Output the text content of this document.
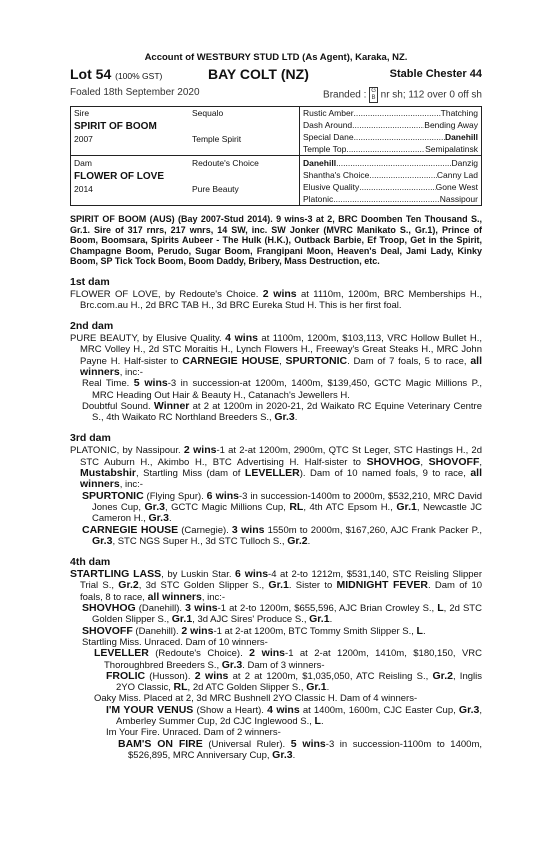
Account of WESTBURY STUD LTD (As Agent), Karaka, NZ.
Lot 54 (100% GST)	BAY COLT (NZ)	Stable Chester 44
Foaled 18th September 2020	Branded : G
B nr sh; 112 over 0 off sh
Sire	Sequalo
SPIRIT OF BOOM
2007	Temple Spirit
Dam	Redoute's Choice
FLOWER OF LOVE
2014	Pure Beauty
Rustic Amber .....	Thatching
Dash Around .....	Bending Away
Special Dane .....	Danehill
Temple Top .....	Semipalatinsk
Danehill .....	Danzig
Shantha's Choice .....	Canny Lad
Elusive Quality .....	Gone West
Platonic .....	Nassipour
SPIRIT OF BOOM (AUS) (Bay 2007-Stud 2014). 9 wins-3 at 2, BRC Doomben Ten Thousand S., Gr.1. Sire of 317 rnrs, 217 wnrs, 14 SW, inc. SW Jonker (MVRC Manikato S., Gr.1), Prince of Boom, Boomsara, Spirits Aubeer - The Hulk (H.K.), Outback Barbie, Ef Troop, Get in the Spirit, Champagne Boom, Perudo, Sugar Boom, Frangipani Moon, Heaven's Deal, Jami Lady, Kinky Boom, SP Tick Tock Boom, Boom Daddy, Bribery, Mass Destruction, etc.
1st dam

FLOWER OF LOVE, by Redoute's Choice. 2 wins at 1110m, 1200m, BRC Memberships H., Brc.com.au H., 2d BRC TAB H., 3d BRC Eureka Stud H. This is her first foal.

2nd dam

PURE BEAUTY, by Elusive Quality. 4 wins at 1100m, 1200m, $103,113, VRC Hollow Bullet H., MRC Volley H., 2d STC Moraitis H., Lynch Flowers H., Freeway's Great Steaks H., MRC John Payne H. Half-sister to CARNEGIE HOUSE, SPURTONIC. Dam of 7 foals, 5 to race, all winners, inc:-

Real Time. 5 wins-3 in succession-at 1200m, 1400m, $139,450, GCTC Magic Millions P., MRC Heading Out Hair & Beauty H., Catanach's Jewellers H.

Doubtful Sound. Winner at 2 at 1200m in 2020-21, 2d Waikato RC Equine Veterinary Centre S., 4th Waikato RC Northland Breeders S., Gr.3.

3rd dam

PLATONIC, by Nassipour. 2 wins-1 at 2-at 1200m, 2900m, QTC St Leger, STC Hastings H., 2d STC Auburn H., Akimbo H., BTC Advertising H. Half-sister to SHOVHOG, SHOVOFF, Mustabshir, Startling Miss (dam of LEVELLER). Dam of 10 named foals, 9 to race, all winners, inc:-

SPURTONIC (Flying Spur). 6 wins-3 in succession-1400m to 2000m, $532,210, MRC David Jones Cup, Gr.3, GCTC Magic Millions Cup, RL, 4th ATC Epsom H., Gr.1, Newcastle JC Cameron H., Gr.3.

CARNEGIE HOUSE (Carnegie). 3 wins 1550m to 2000m, $167,260, AJC Frank Packer P., Gr.3, STC NGS Super H., 3d STC Tulloch S., Gr.2.

4th dam

STARTLING LASS, by Luskin Star. 6 wins-4 at 2-to 1212m, $531,140, STC Reisling Slipper Trial S., Gr.2, 3d STC Golden Slipper S., Gr.1. Sister to MIDNIGHT FEVER. Dam of 10 foals, 8 to race, all winners, inc:-

SHOVHOG (Danehill). 3 wins-1 at 2-to 1200m, $655,596, AJC Brian Crowley S., L, 2d STC Golden Slipper S., Gr.1, 3d AJC Sires' Produce S., Gr.1.

SHOVOFF (Danehill). 2 wins-1 at 2-at 1200m, BTC Tommy Smith Slipper S., L.

Startling Miss. Unraced. Dam of 10 winners-

LEVELLER (Redoute's Choice). 2 wins-1 at 2-at 1200m, 1410m, $180,150, VRC Thoroughbred Breeders S., Gr.3. Dam of 3 winners-

FROLIC (Husson). 2 wins at 2 at 1200m, $1,035,050, ATC Reisling S., Gr.2, Inglis 2YO Classic, RL, 2d ATC Golden Slipper S., Gr.1.

Oaky Miss. Placed at 2, 3d MRC Bushnell 2YO Classic H. Dam of 4 winners-

I'M YOUR VENUS (Show a Heart). 4 wins at 1400m, 1600m, CJC Easter Cup, Gr.3, Amberley Summer Cup, 2d CJC Inglewood S., L.

Im Your Fire. Unraced. Dam of 2 winners-

BAM'S ON FIRE (Universal Ruler). 5 wins-3 in succession-1100m to 1400m, $526,895, MRC Anniversary Cup, Gr.3.
